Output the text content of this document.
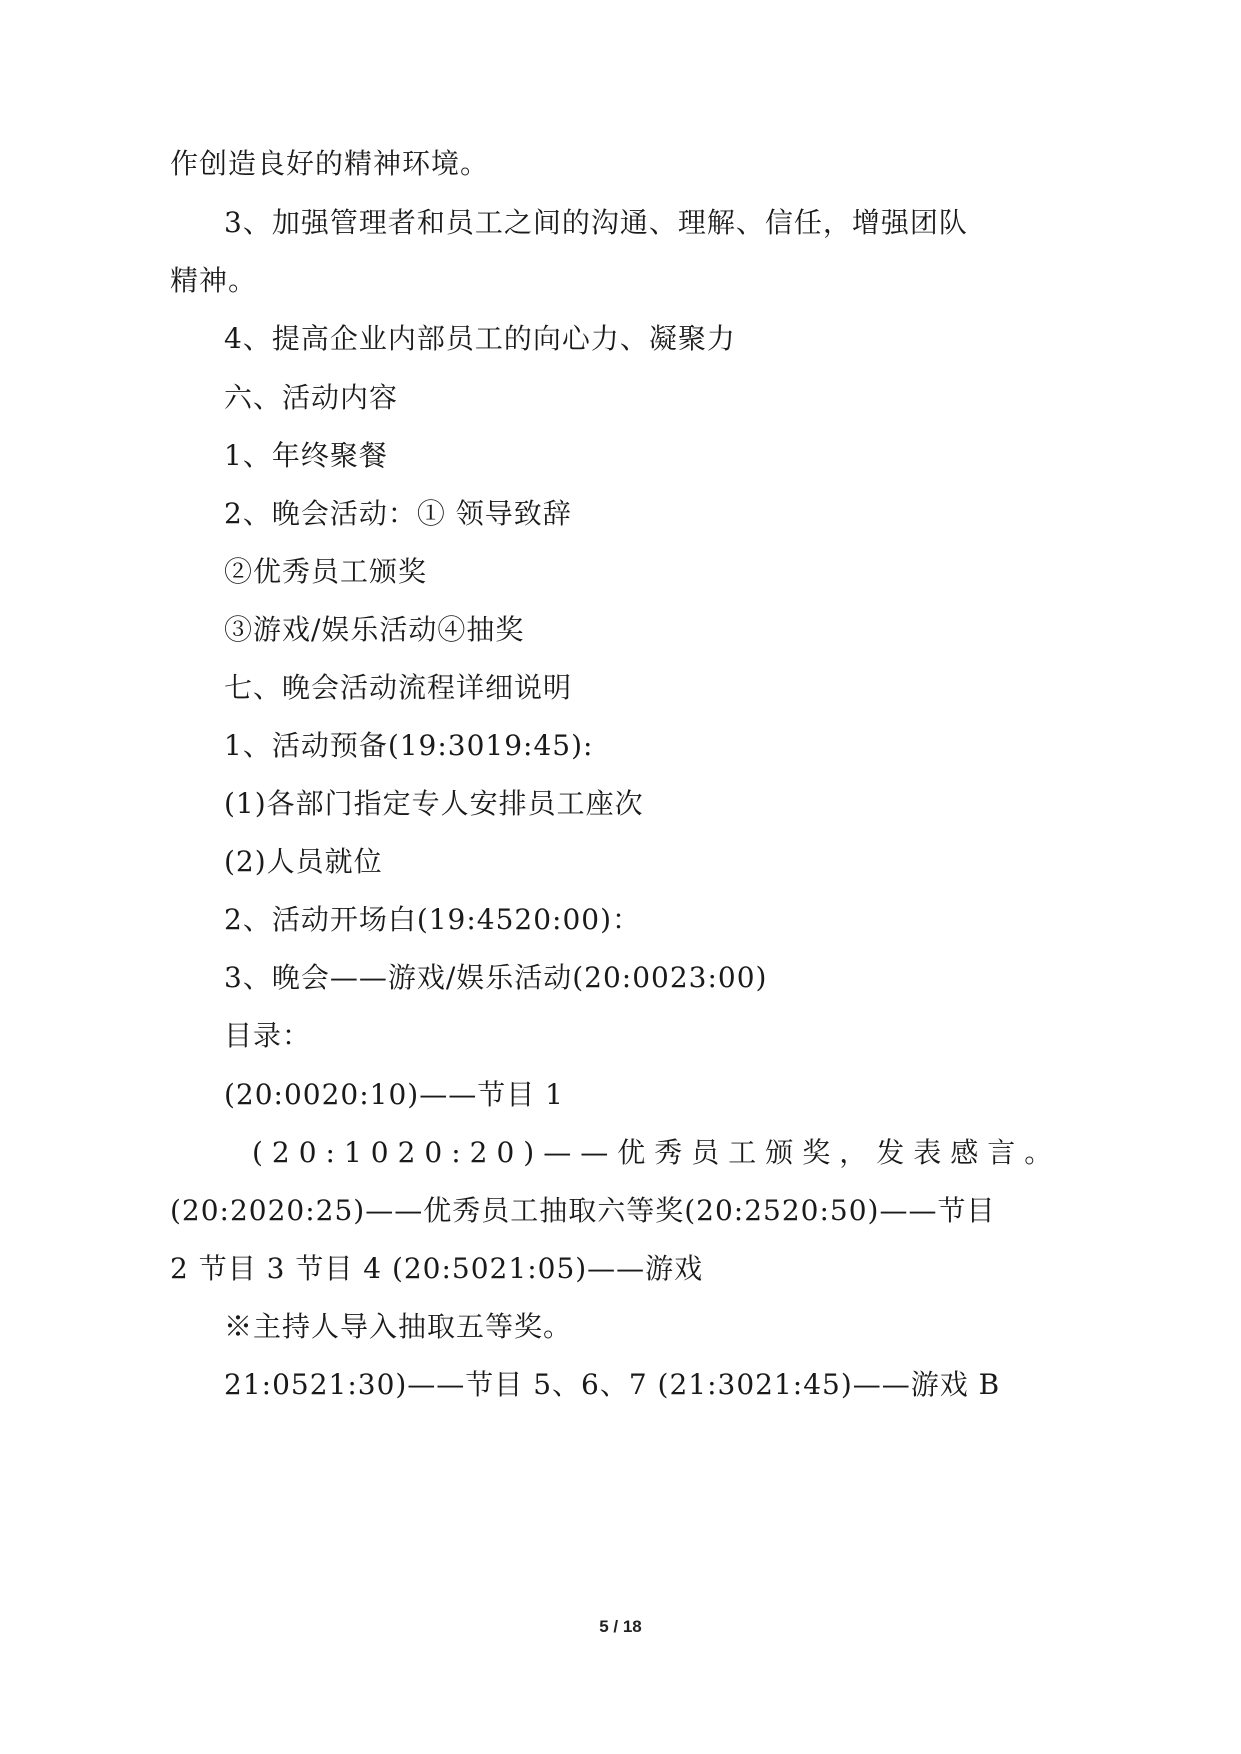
作创造良好的精神环境。
3、加强管理者和员工之间的沟通、理解、信任，增强团队
精神。
4、提高企业内部员工的向心力、凝聚力
六、活动内容
1、年终聚餐
2、晚会活动：① 领导致辞
②优秀员工颁奖
③游戏/娱乐活动④抽奖
七、晚会活动流程详细说明
1、活动预备(19:3019:45):
(1)各部门指定专人安排员工座次
(2)人员就位
2、活动开场白(19:4520:00)：
3、晚会——游戏/娱乐活动(20:0023:00)
目录：
(20:0020:10)——节目 1
(20:1020:20)——优秀员工颁奖，发表感言。
(20:2020:25)——优秀员工抽取六等奖(20:2520:50)——节目
2 节目 3 节目 4 (20:5021:05)——游戏
※主持人导入抽取五等奖。
21:0521:30)——节目 5、6、7 (21:3021:45)——游戏 B
5 / 18
